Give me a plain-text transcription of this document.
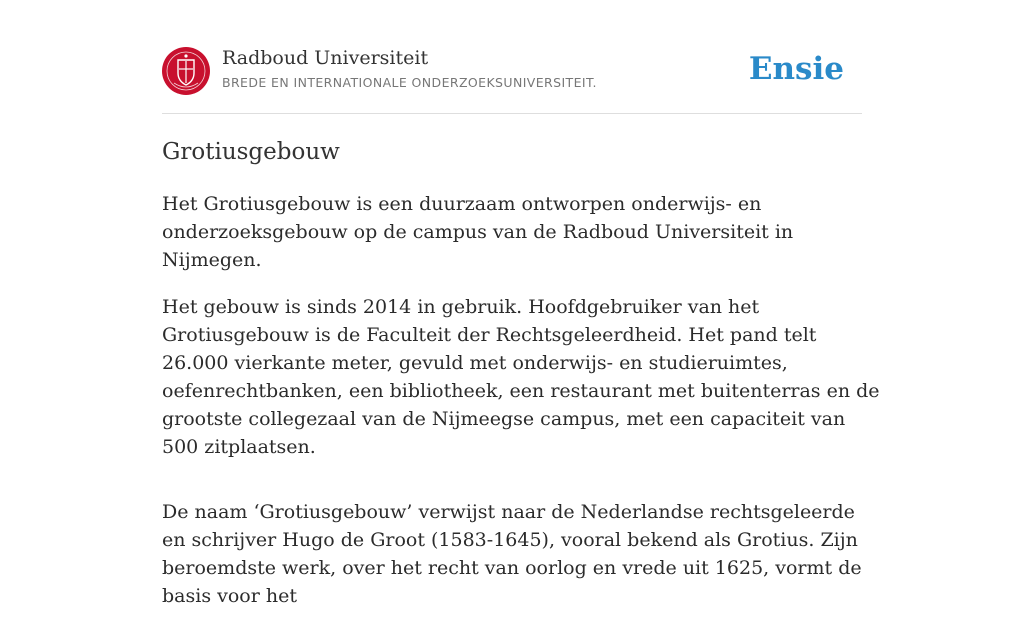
Radboud Universiteit
BREDE EN INTERNATIONALE ONDERZOEKSUNIVERSITEIT.	Ensie
Grotiusgebouw

Het Grotiusgebouw is een duurzaam ontworpen onderwijs- en onderzoeksgebouw op de campus van de Radboud Universiteit in Nijmegen.

Het gebouw is sinds 2014 in gebruik. Hoofdgebruiker van het Grotiusgebouw is de Faculteit der Rechtsgeleerdheid. Het pand telt 26.000 vierkante meter, gevuld met onderwijs- en studieruimtes, oefenrechtbanken, een bibliotheek, een restaurant met buitenterras en de grootste collegezaal van de Nijmeegse campus, met een capaciteit van 500 zitplaatsen.

De naam ‘Grotiusgebouw’ verwijst naar de Nederlandse rechtsgeleerde en schrijver Hugo de Groot (1583-1645), vooral bekend als Grotius. Zijn beroemdste werk, over het recht van oorlog en vrede uit 1625, vormt de basis voor het
